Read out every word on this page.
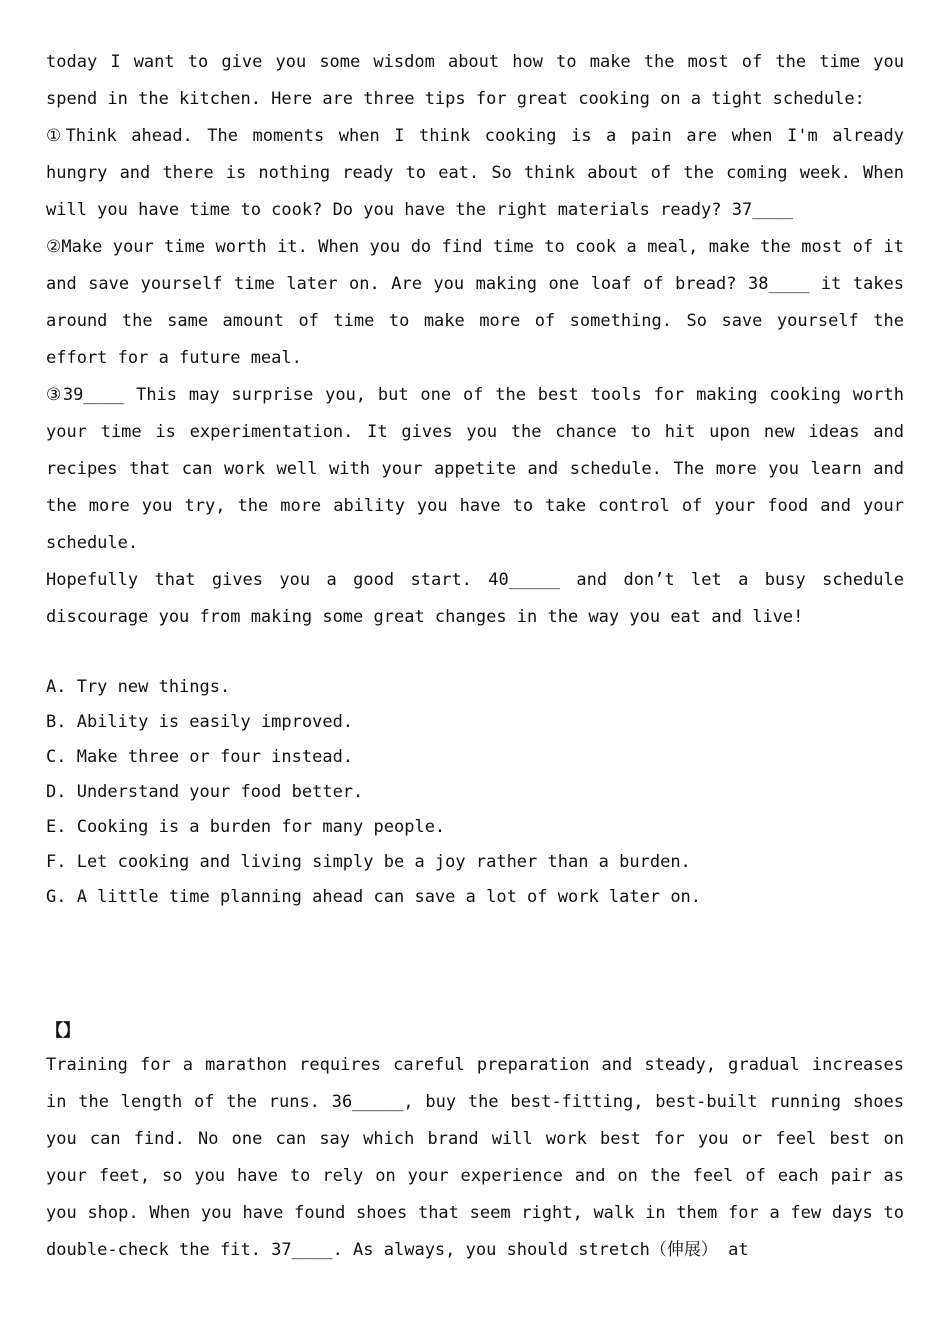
today I want to give you some wisdom about how to make the most of the time you spend in the kitchen. Here are three tips for great cooking on a tight schedule:

①Think ahead. The moments when I think cooking is a pain are when I'm already hungry and there is nothing ready to eat. So think about of the coming week. When will you have time to cook? Do you have the right materials ready? 37____

②Make your time worth it. When you do find time to cook a meal, make the most of it and save yourself time later on. Are you making one loaf of bread? 38____ it takes around the same amount of time to make more of something. So save yourself the effort for a future meal.

③39____ This may surprise you, but one of the best tools for making cooking worth your time is experimentation. It gives you the chance to hit upon new ideas and recipes that can work well with your appetite and schedule. The more you learn and the more you try, the more ability you have to take control of your food and your schedule.

Hopefully that gives you a good start. 40_____ and don’t let a busy schedule discourage you from making some great changes in the way you eat and live!

A. Try new things.

B. Ability is easily improved.

C. Make three or four instead.

D. Understand your food better.

E. Cooking is a burden for many people.

F. Let cooking and living simply be a joy rather than a burden.

G. A little time planning ahead can save a lot of work later on.

【】

Training for a marathon requires careful preparation and steady, gradual increases in the length of the runs. 36_____, buy the best-fitting, best-built running shoes you can find. No one can say which brand will work best for you or feel best on your feet, so you have to rely on your experience and on the feel of each pair as you shop. When you have found shoes that seem right, walk in them for a few days to double-check the fit. 37____. As always, you should stretch（伸展） at
